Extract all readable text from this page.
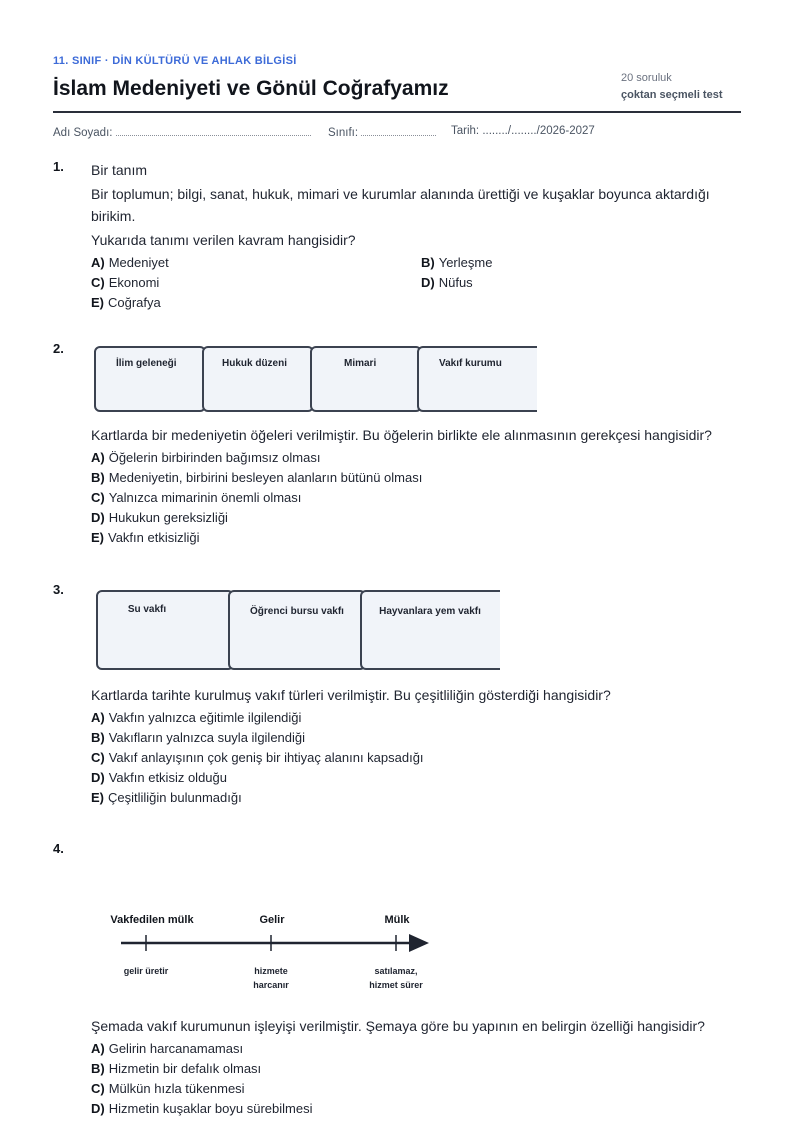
11. SINIF · DİN KÜLTÜRÜ VE AHLAK BİLGİSİ
İslam Medeniyeti ve Gönül Coğrafyamız	20 soruluk
çoktan seçmeli test
Adı Soyadı:	Sınıfı:	Tarih: ......../......../2026-2027
1. Bir tanım
Bir toplumun; bilgi, sanat, hukuk, mimari ve kurumlar alanında ürettiği ve kuşaklar boyunca aktardığı birikim.
Yukarıda tanımı verilen kavram hangisidir?
A) Medeniyet	B) Yerleşme
C) Ekonomi	D) Nüfus
E) Coğrafya
2.
İlim geleneği	Hukuk düzeni	Mimari	Vakıf kurumu
Kartlarda bir medeniyetin öğeleri verilmiştir. Bu öğelerin birlikte ele alınmasının gerekçesi hangisidir?
A) Öğelerin birbirinden bağımsız olması
B) Medeniyetin, birbirini besleyen alanların bütünü olması
C) Yalnızca mimarinin önemli olması
D) Hukukun gereksizliği
E) Vakfın etkisizliği
3.
Su vakfı	Öğrenci bursu vakfı	Hayvanlara yem vakfı
Kartlarda tarihte kurulmuş vakıf türleri verilmiştir. Bu çeşitliliğin gösterdiği hangisidir?
A) Vakfın yalnızca eğitimle ilgilendiği
B) Vakıfların yalnızca suyla ilgilendiği
C) Vakıf anlayışının çok geniş bir ihtiyaç alanını kapsadığı
D) Vakfın etkisiz olduğu
E) Çeşitliliğin bulunmadığı
4.
Vakfedilen mülk	Gelir	Mülk
gelir üretir	hizmete harcanır
satılamaz, hizmet sürer
Şemada vakıf kurumunun işleyişi verilmiştir. Şemaya göre bu yapının en belirgin özelliği hangisidir?
A) Gelirin harcanamaması
B) Hizmetin bir defalık olması
C) Mülkün hızla tükenmesi
D) Hizmetin kuşaklar boyu sürebilmesi
